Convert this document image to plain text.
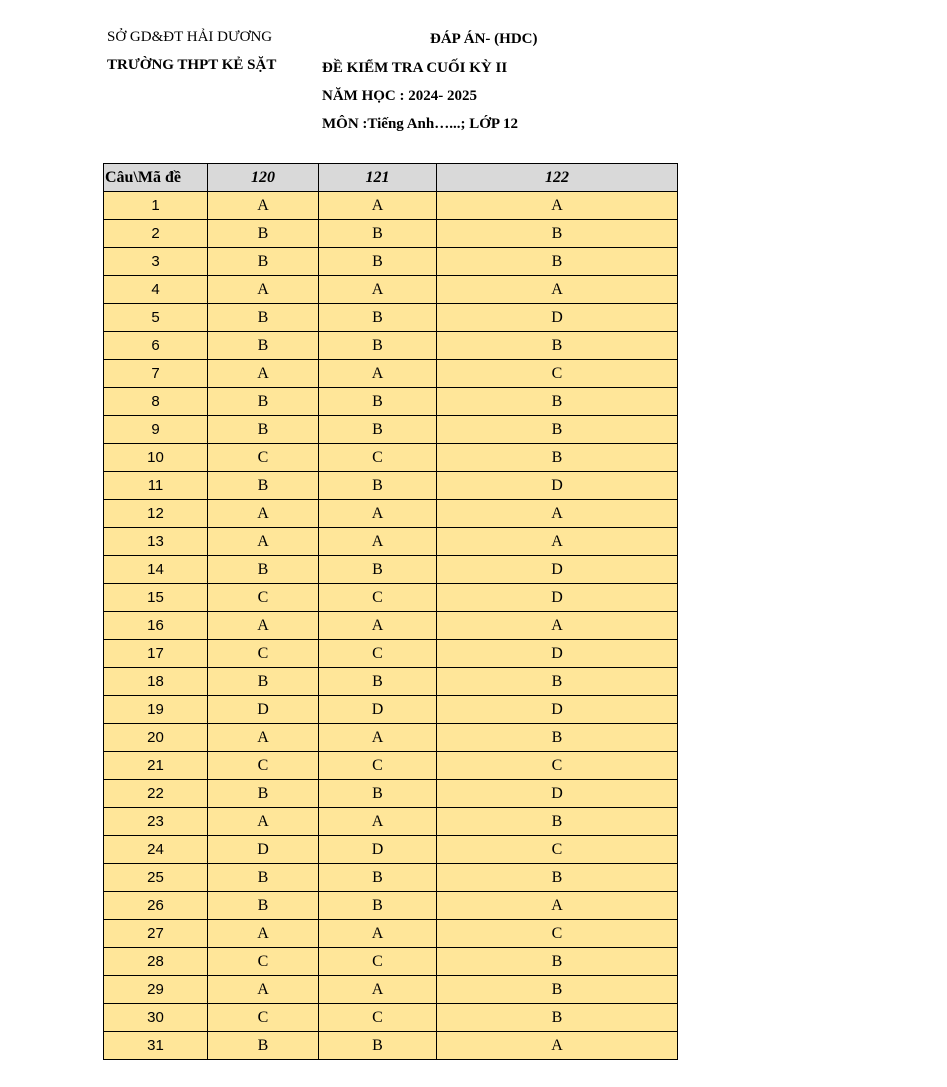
SỞ GD&ĐT HẢI DƯƠNG
TRƯỜNG THPT KẺ SẶT
ĐÁP ÁN- (HDC)
ĐỀ KIỂM TRA CUỐI KỲ II
NĂM HỌC : 2024- 2025
MÔN :Tiếng Anh…...; LỚP 12
Câu\Mã đề	120	121	122
1	A	A	A
2	B	B	B
3	B	B	B
4	A	A	A
5	B	B	D
6	B	B	B
7	A	A	C
8	B	B	B
9	B	B	B
10	C	C	B
11	B	B	D
12	A	A	A
13	A	A	A
14	B	B	D
15	C	C	D
16	A	A	A
17	C	C	D
18	B	B	B
19	D	D	D
20	A	A	B
21	C	C	C
22	B	B	D
23	A	A	B
24	D	D	C
25	B	B	B
26	B	B	A
27	A	A	C
28	C	C	B
29	A	A	B
30	C	C	B
31	B	B	A
